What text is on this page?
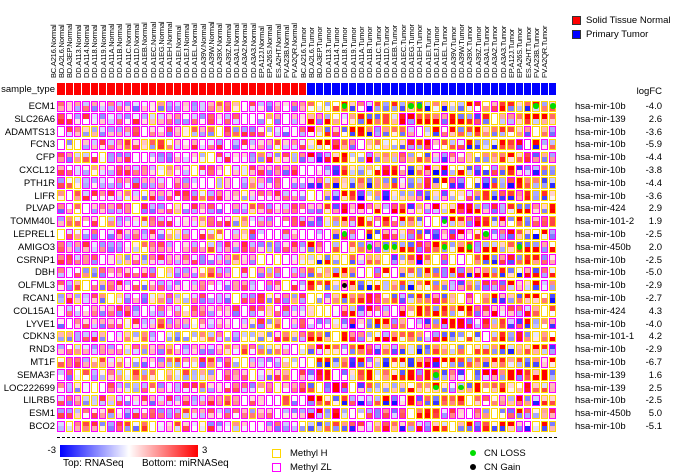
BC.A216.Normal BD.A2L6.Normal BD.A3EP.Normal DD.A113.Normal DD.A114.Normal DD.A118.Normal DD.A119.Normal DD.A11A.Normal DD.A11B.Normal DD.A11C.Normal DD.A11D.Normal DD.A1EB.Normal DD.A1EC.Normal DD.A1EG.Normal DD.A1EH.Normal DD.A1EI.Normal DD.A1EJ.Normal DD.A1EL.Normal DD.A39V.Normal DD.A39W.Normal DD.A39X.Normal DD.A39Z.Normal DD.A3A1.Normal DD.A3A2.Normal DD.A3A3.Normal EP.A12J.Normal EP.A26S.Normal ES.A2HT.Normal FV.A23B.Normal FV.A2QR.Normal BC.A216.Tumor BD.A2L6.Tumor BD.A3EP.Tumor DD.A113.Tumor DD.A114.Tumor DD.A118.Tumor DD.A119.Tumor DD.A11A.Tumor DD.A11B.Tumor DD.A11C.Tumor DD.A11D.Tumor DD.A1EB.Tumor DD.A1EC.Tumor DD.A1EG.Tumor DD.A1EH.Tumor DD.A1EI.Tumor DD.A1EJ.Tumor DD.A1EL.Tumor DD.A39V.Tumor DD.A39W.Tumor DD.A39X.Tumor DD.A39Z.Tumor DD.A3A1.Tumor DD.A3A2.Tumor DD.A3A3.Tumor EP.A12J.Tumor EP.A26S.Tumor ES.A2HT.Tumor FV.A23B.Tumor FV.A2QR.Tumor
Solid Tissue Normal
Primary Tumor
sample_type	logFC
ECM1
SLC26A6
ADAMTS13
FCN3
CFP
CXCL12
PTH1R
LIFR
PLVAP
TOMM40L
LEPREL1
AMIGO3
CSRNP1
DBH
OLFML3
RCAN1
COL15A1
LYVE1
CDKN3
RND3
MT1F
SEMA3F
LOC222699
LILRB5
ESM1
BCO2
hsa-mir-10b
hsa-mir-139
hsa-mir-10b
hsa-mir-10b
hsa-mir-10b
hsa-mir-10b
hsa-mir-10b
hsa-mir-10b
hsa-mir-424
hsa-mir-101-2
hsa-mir-10b
hsa-mir-450b
hsa-mir-10b
hsa-mir-10b
hsa-mir-10b
hsa-mir-10b
hsa-mir-424
hsa-mir-10b
hsa-mir-101-1
hsa-mir-10b
hsa-mir-10b
hsa-mir-139
hsa-mir-139
hsa-mir-10b
hsa-mir-450b
hsa-mir-10b
-4.0
2.6
-3.6
-5.9
-4.4
-3.8
-4.4
-3.6
2.9
1.9
-2.5
2.0
-2.5
-5.0
-2.9
-2.7
4.3
-4.0
4.2
-2.9
-6.7
1.6
2.5
-2.5
5.0
-5.1
-3	3
Top: RNASeq Bottom: miRNASeq
Methyl H
Methyl ZL
CN LOSS
CN Gain
